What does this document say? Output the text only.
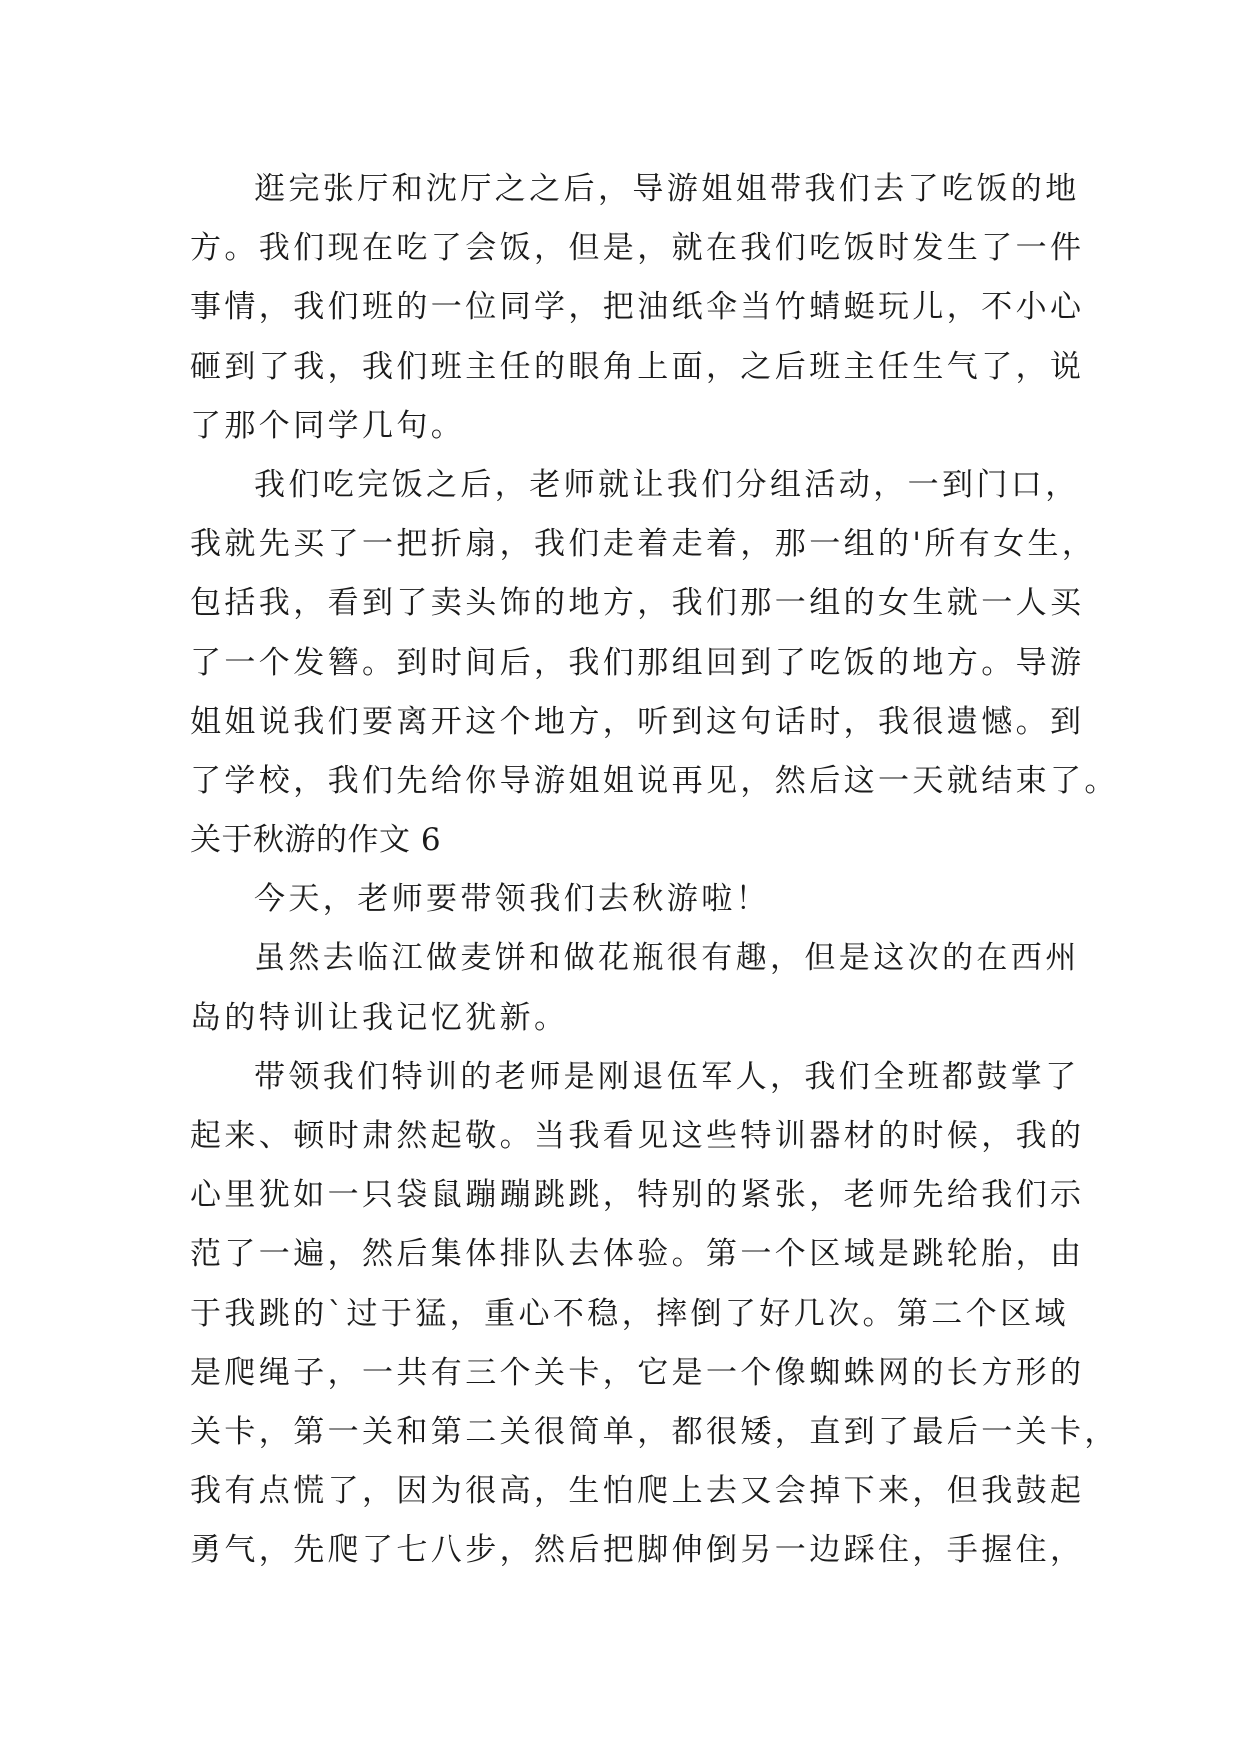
逛完张厅和沈厅之之后，导游姐姐带我们去了吃饭的地
方。我们现在吃了会饭，但是，就在我们吃饭时发生了一件
事情，我们班的一位同学，把油纸伞当竹蜻蜓玩儿，不小心
砸到了我，我们班主任的眼角上面，之后班主任生气了，说
了那个同学几句。
我们吃完饭之后，老师就让我们分组活动，一到门口，
我就先买了一把折扇，我们走着走着，那一组的'所有女生，
包括我，看到了卖头饰的地方，我们那一组的女生就一人买
了一个发簪。到时间后，我们那组回到了吃饭的地方。导游
姐姐说我们要离开这个地方，听到这句话时，我很遗憾。到
了学校，我们先给你导游姐姐说再见，然后这一天就结束了。
关于秋游的作文 6
今天，老师要带领我们去秋游啦！
虽然去临江做麦饼和做花瓶很有趣，但是这次的在西州
岛的特训让我记忆犹新。
带领我们特训的老师是刚退伍军人，我们全班都鼓掌了
起来、顿时肃然起敬。当我看见这些特训器材的时候，我的
心里犹如一只袋鼠蹦蹦跳跳，特别的紧张，老师先给我们示
范了一遍，然后集体排队去体验。第一个区域是跳轮胎，由
于我跳的`过于猛，重心不稳，摔倒了好几次。第二个区域
是爬绳子，一共有三个关卡，它是一个像蜘蛛网的长方形的
关卡，第一关和第二关很简单，都很矮，直到了最后一关卡，
我有点慌了，因为很高，生怕爬上去又会掉下来，但我鼓起
勇气，先爬了七八步，然后把脚伸倒另一边踩住，手握住，
